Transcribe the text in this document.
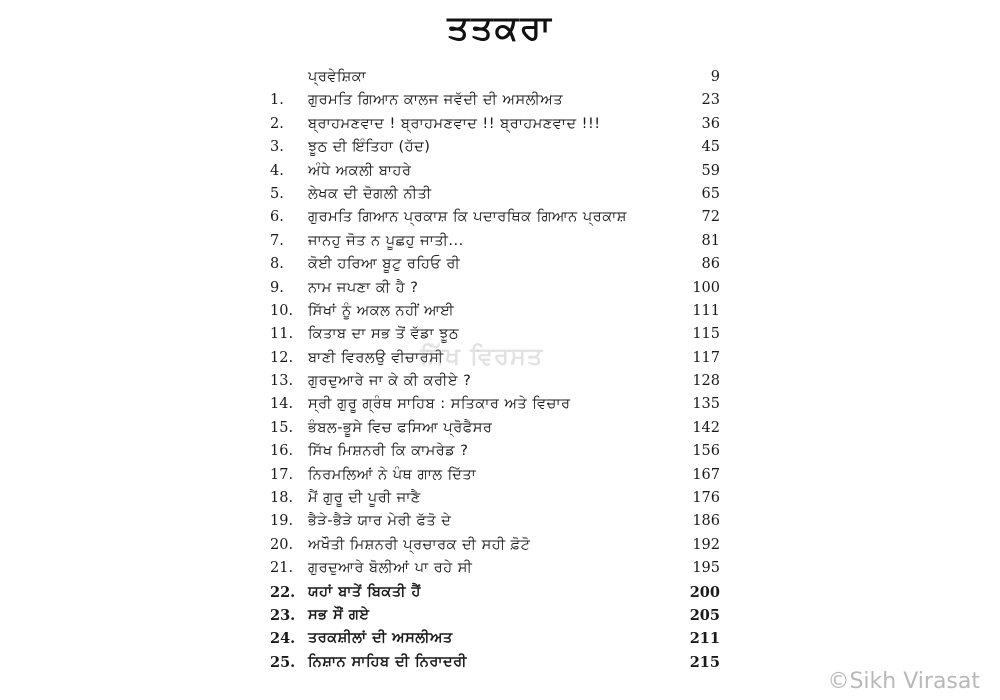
ਤਤਕਰਾ
ਪ੍ਰਵੇਸ਼ਿਕਾ	9
1.	ਗੁਰਮਤਿ ਗਿਆਨ ਕਾਲਜ ਜਵੱਦੀ ਦੀ ਅਸਲੀਅਤ	23
2.	ਬ੍ਰਾਹਮਣਵਾਦ ! ਬ੍ਰਾਹਮਣਵਾਦ !! ਬ੍ਰਾਹਮਣਵਾਦ !!!	36
3.	ਝੂਠ ਦੀ ਇੰਤਿਹਾ (ਹੱਦ)	45
4.	ਅੰਧੇ ਅਕਲੀ ਬਾਹਰੇ	59
5.	ਲੇਖਕ ਦੀ ਦੋਗਲੀ ਨੀਤੀ	65
6.	ਗੁਰਮਤਿ ਗਿਆਨ ਪ੍ਰਕਾਸ਼ ਕਿ ਪਦਾਰਥਿਕ ਗਿਆਨ ਪ੍ਰਕਾਸ਼	72
7.	ਜਾਨਹੁ ਜੋਤ ਨ ਪੂਛਹੁ ਜਾਤੀ...	81
8.	ਕੋਈ ਹਰਿਆ ਬੂਟੁ ਰਹਿਓ ਰੀ	86
9.	ਨਾਮ ਜਪਣਾ ਕੀ ਹੈ ?	100
10.	ਸਿੱਖਾਂ ਨੂੰ ਅਕਲ ਨਹੀਂ ਆਈ	111
11.	ਕਿਤਾਬ ਦਾ ਸਭ ਤੋਂ ਵੱਡਾ ਝੂਠ	115
12.	ਬਾਣੀ ਵਿਰਲਉ ਵੀਚਾਰਸੀ	117
13.	ਗੁਰਦੁਆਰੇ ਜਾ ਕੇ ਕੀ ਕਰੀਏ ?	128
14.	ਸ੍ਰੀ ਗੁਰੂ ਗ੍ਰੰਥ ਸਾਹਿਬ : ਸਤਿਕਾਰ ਅਤੇ ਵਿਚਾਰ	135
15.	ਭੰਬਲ-ਭੂਸੇ ਵਿਚ ਫਸਿਆ ਪ੍ਰੋਫੈਸਰ	142
16.	ਸਿੱਖ ਮਿਸ਼ਨਰੀ ਕਿ ਕਾਮਰੇਡ ?	156
17.	ਨਿਰਮਲਿਆਂ ਨੇ ਪੰਥ ਗਾਲ ਦਿੱਤਾ	167
18.	ਮੈਂ ਗੁਰੂ ਦੀ ਪੂਰੀ ਜਾਣੈ	176
19.	ਭੈੜੇ-ਭੈੜੇ ਯਾਰ ਮੇਰੀ ਫੱਤੋ ਦੇ	186
20.	ਅਖੌਤੀ ਮਿਸ਼ਨਰੀ ਪ੍ਰਚਾਰਕ ਦੀ ਸਹੀ ਫ਼ੋਟੋ	192
21.	ਗੁਰਦੁਆਰੇ ਬੋਲੀਆਂ ਪਾ ਰਹੇ ਸੀ	195
22. ਯਹਾਂ ਬਾਤੇਂ ਬਿਕਤੀ ਹੈਂ	200
23. ਸਭ ਸੌਂ ਗਏ	205
24. ਤਰਕਸ਼ੀਲਾਂ ਦੀ ਅਸਲੀਅਤ	211
25. ਨਿਸ਼ਾਨ ਸਾਹਿਬ ਦੀ ਨਿਰਾਦਰੀ	215
ਸਿੱਖ ਵਿਰਸਤ
©Sikh Virasat
